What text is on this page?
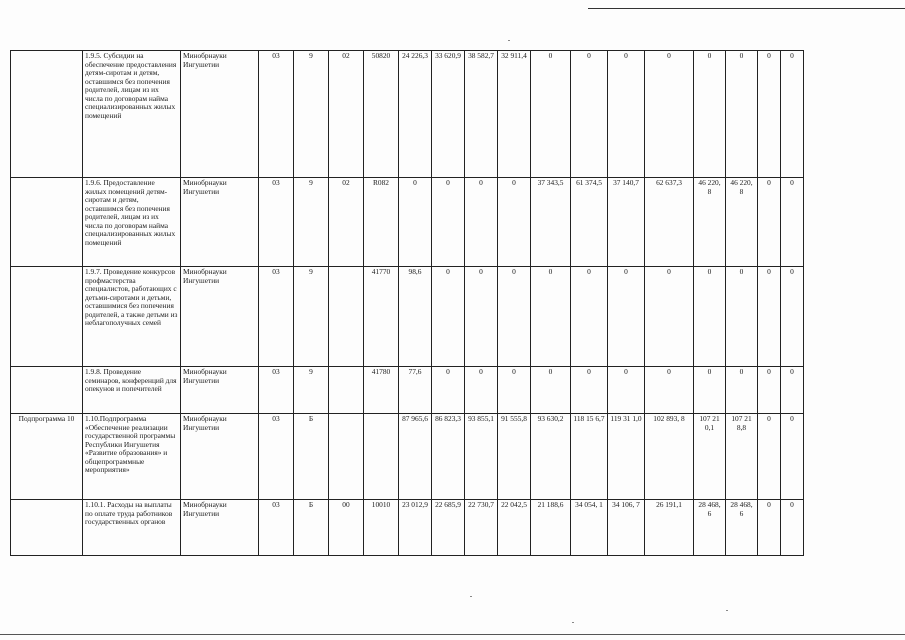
	1.9.5. Субсидии на обеспечение предоставления детям-сиротам и детям, оставшимся без попечения родителей, лицам из их числа по договорам найма специализированных жилых помещений	Минобрнауки Ингушетии	03	9	02	50820	24 226,3	33 620,9	38 582,7	32 911,4	0	0	0	0	0	0	0	0
	1.9.6. Предоставление жилых помещений детям-сиротам и детям, оставшимся без попечения родителей, лицам из их числа по договорам найма специализированных жилых помещений	Минобрнауки Ингушетии	03	9	02	R082	0	0	0	0	37 343,5	61 374,5	37 140,7	62 637,3	46 220, 8	46 220, 8	0	0
	1.9.7. Проведение конкурсов профмастерства специалистов, работающих с детьми-сиротами и детьми, оставшимися без попечения родителей, а также детьми из неблагополучных семей	Минобрнауки Ингушетии	03	9		41770	98,6	0	0	0	0	0	0	0	0	0	0	0
	1.9.8. Проведение семинаров, конференций для опекунов и попечителей	Минобрнауки Ингушетии	03	9		41780	77,6	0	0	0	0	0	0	0	0	0	0	0
Подпрограмма 10	1.10.Подпрограмма «Обеспечение реализации государственной программы Республики Ингушетия «Развитие образования» и общепрограммные мероприятия»	Минобрнауки Ингушетии	03	Б			87 965,6	86 823,3	93 855,1	91 555,8	93 630,2	118 15 6,7	119 31 1,0	102 893, 8	107 21 0,1	107 21 8,8	0	0
	1.10.1. Расходы на выплаты по оплате труда работников государственных органов	Минобрнауки Ингушетии	03	Б	00	10010	23 012,9	22 685,9	22 730,7	22 042,5	21 188,6	34 054, 1	34 106, 7	26 191,1	28 468, 6	28 468, 6	0	0
